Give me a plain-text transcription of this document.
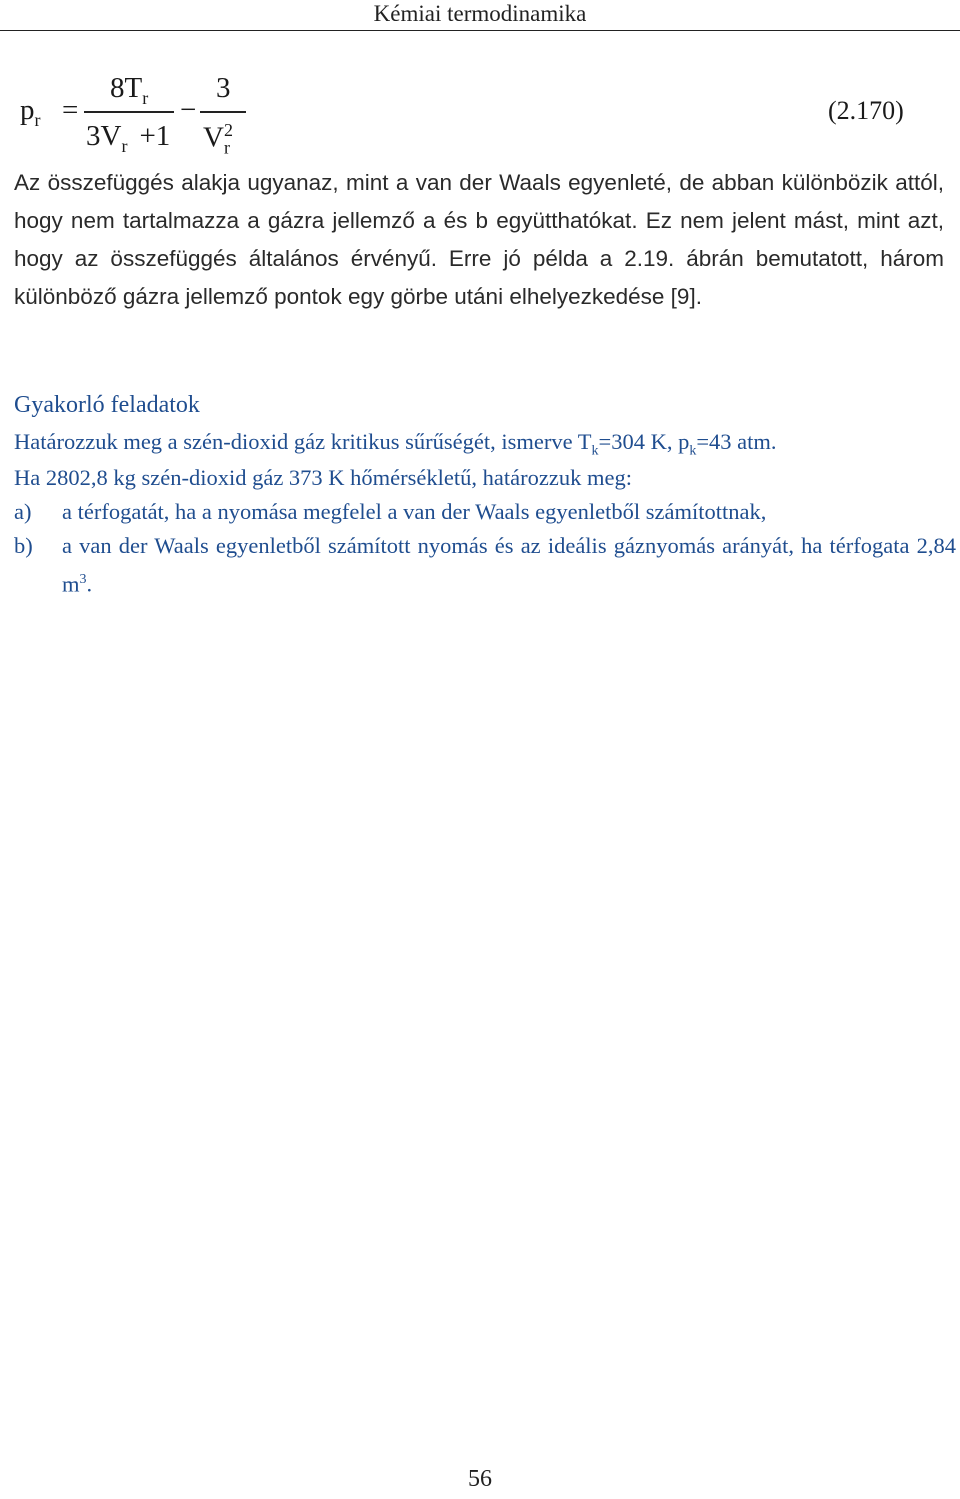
Kémiai termodinamika
$p_r$ =
$8T_r$
$3V_r +1$
−
3
$V_r^2$
(2.170)

Az összefüggés alakja ugyanaz, mint a van der Waals egyenleté, de abban különbözik attól, hogy nem tartalmazza a gázra jellemző a és b együtthatókat. Ez nem jelent mást, mint azt, hogy az összefüggés általános érvényű. Erre jó példa a 2.19. ábrán bemutatott, három különböző gázra jellemző pontok egy görbe utáni elhelyezkedése [9].

Gyakorló feladatok

Határozzuk meg a szén-dioxid gáz kritikus sűrűségét, ismerve $T_k=304$ K, $p_k=43$ atm.

Ha 2802,8 kg szén-dioxid gáz 373 K hőmérsékletű, határozzuk meg:

a) a térfogatát, ha a nyomása megfelel a van der Waals egyenletből számítottnak,
b) a van der Waals egyenletből számított nyomás és az ideális gáznyomás arányát, ha térfogata 2,84 $m^3$.
56
